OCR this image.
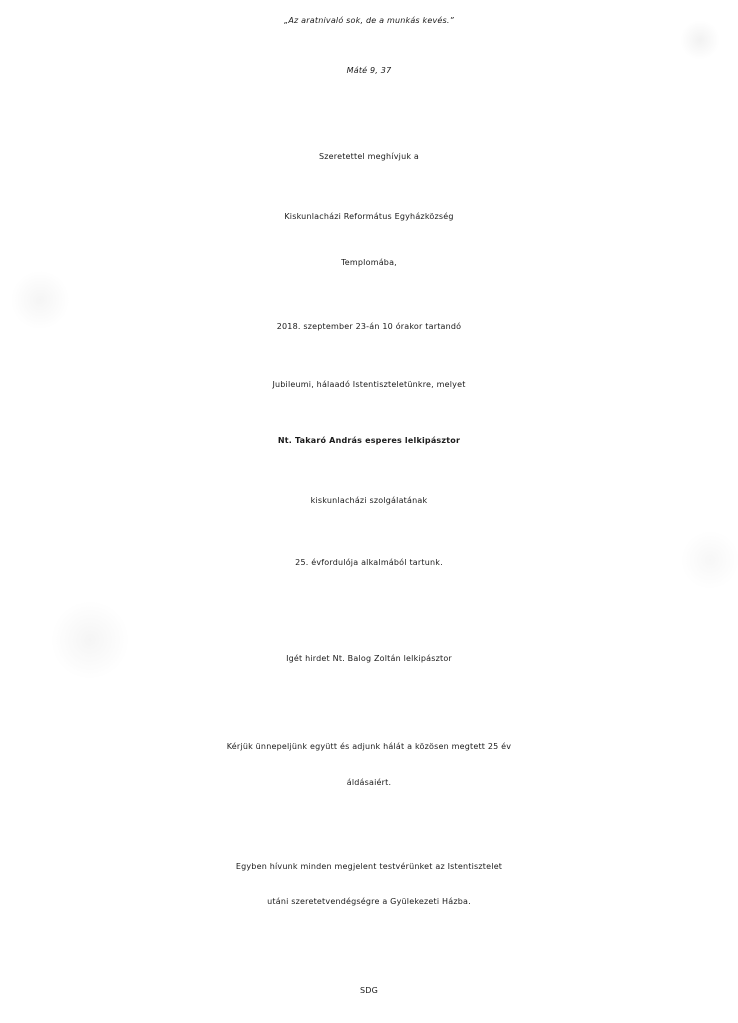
„Az aratnivaló sok, de a munkás kevés.”
Máté 9, 37
Szeretettel meghívjuk a
Kiskunlacházi Református Egyházközség
Templomába,
2018. szeptember 23-án 10 órakor tartandó
Jubileumi, hálaadó Istentiszteletünkre, melyet
Nt. Takaró András esperes lelkipásztor
kiskunlacházi szolgálatának
25. évfordulója alkalmából tartunk.
Igét hirdet Nt. Balog Zoltán lelkipásztor
Kérjük ünnepeljünk együtt és adjunk hálát a közösen megtett 25 év
áldásaiért.
Egyben hívunk minden megjelent testvérünket az Istentisztelet
utáni szeretetvendégségre a Gyülekezeti Házba.
SDG
